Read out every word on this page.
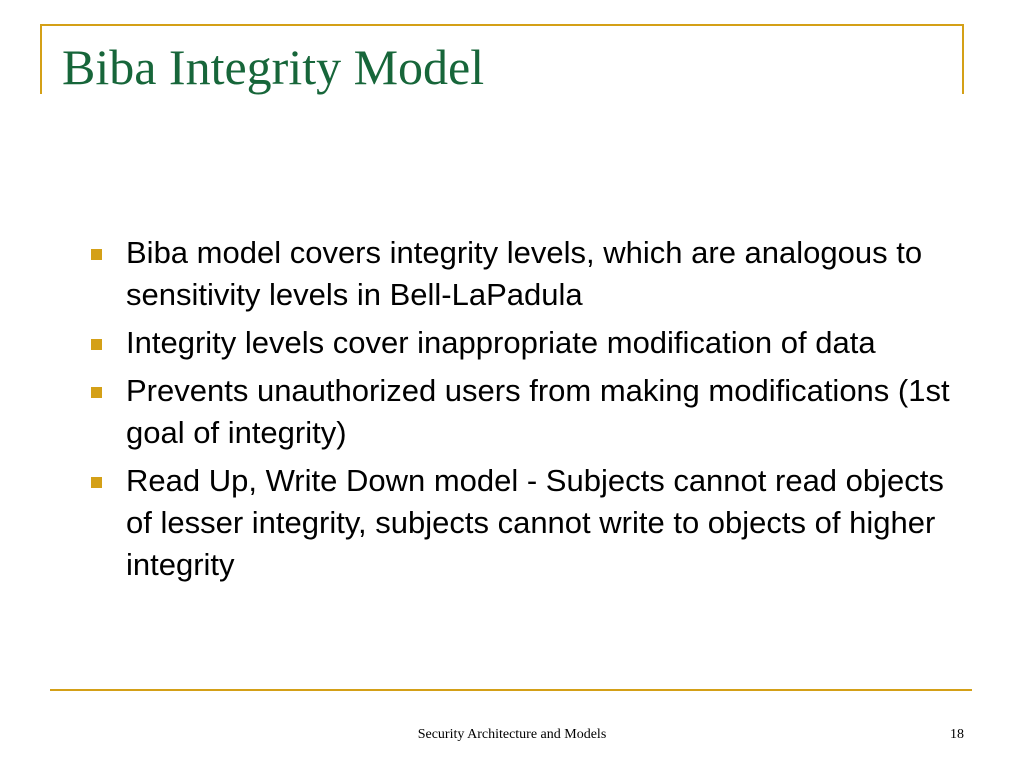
Biba Integrity Model
Biba model covers integrity levels, which are analogous to sensitivity levels in Bell-LaPadula
Integrity levels cover inappropriate modification of data
Prevents unauthorized users from making modifications (1st goal of integrity)
Read Up, Write Down model - Subjects cannot read objects of lesser integrity, subjects cannot write to objects of higher integrity
Security Architecture and Models	18
